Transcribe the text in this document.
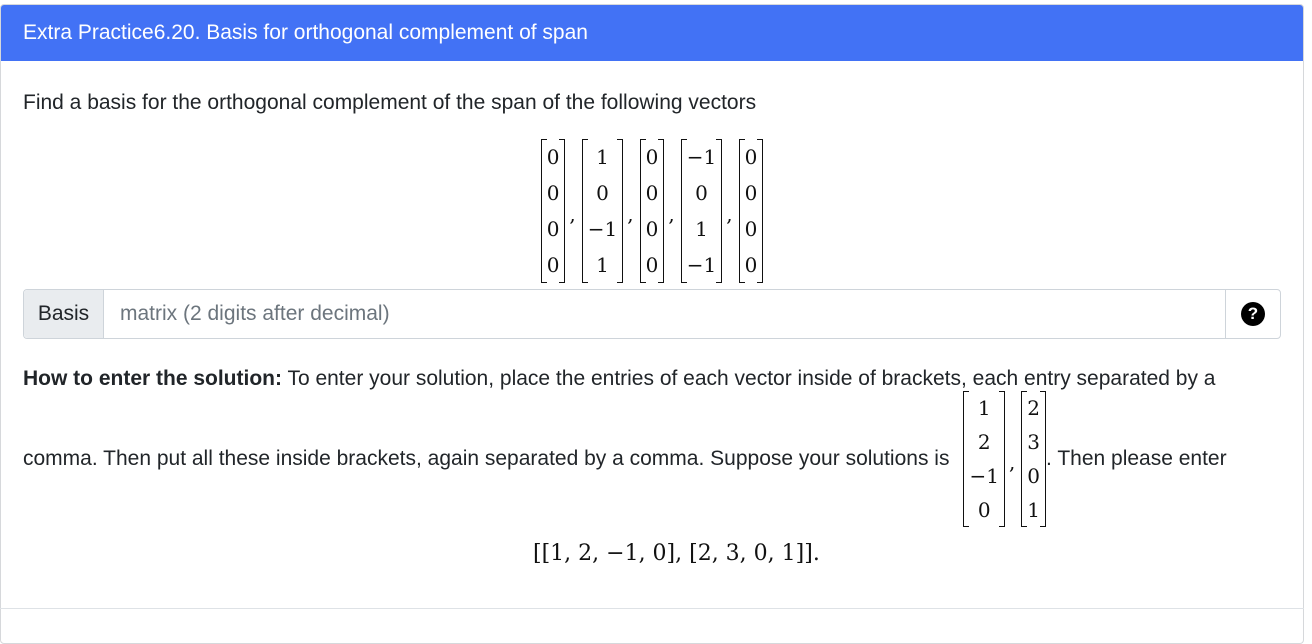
Extra Practice6.20. Basis for orthogonal complement of span
Find a basis for the orthogonal complement of the span of the following vectors
0
0
0
0
,
1
0
−1
1
,
0
0
0
0
,
−1
0
1
−1
,
0
0
0
0
Basis
matrix (2 digits after decimal)	?
How to enter the solution: To enter your solution, place the entries of each vector inside of brackets, each entry separated by a
comma. Then put all these inside brackets, again separated by a comma. Suppose your solutions is
1
2
−1
0
,
2
3
0
1
. Then please enter
[[1, 2, −1, 0], [2, 3, 0, 1]].
